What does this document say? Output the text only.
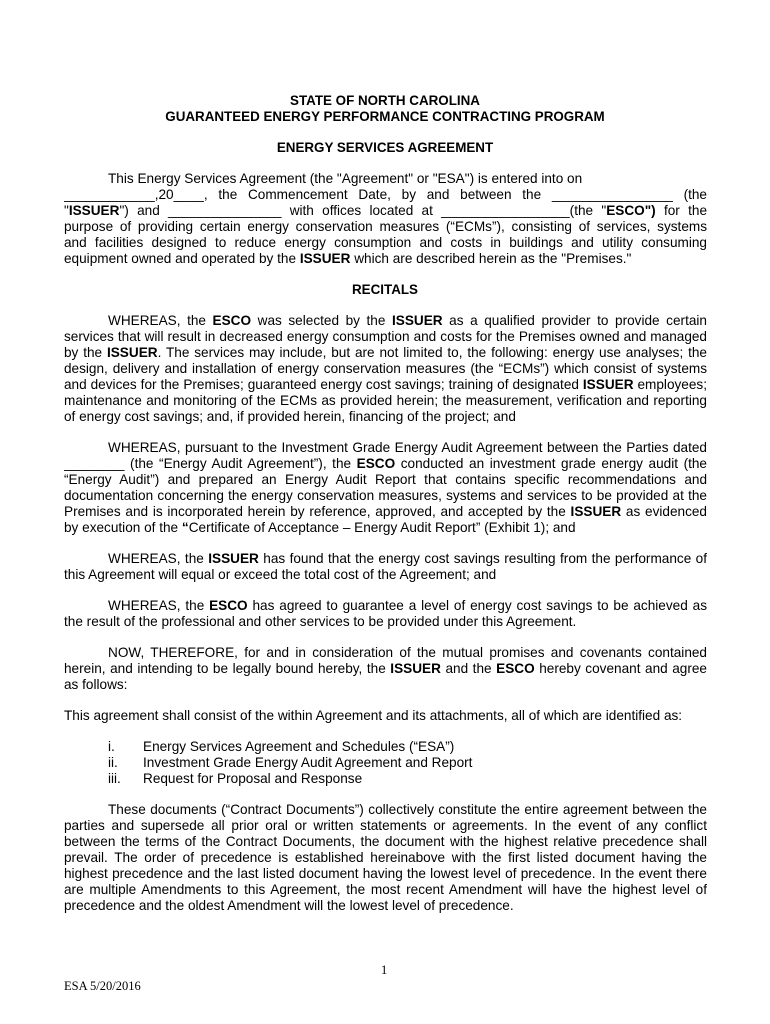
STATE OF NORTH CAROLINA
GUARANTEED ENERGY PERFORMANCE CONTRACTING PROGRAM
ENERGY SERVICES AGREEMENT
This Energy Services Agreement (the "Agreement" or "ESA") is entered into on
____________,20____, the Commencement Date, by and between the ________________ (the
"ISSUER") and _______________ with offices located at _________________(the "ESCO") for the
purpose of providing certain energy conservation measures (“ECMs”), consisting of services, systems
and facilities designed to reduce energy consumption and costs in buildings and utility consuming
equipment owned and operated by the ISSUER which are described herein as the "Premises."
RECITALS
WHEREAS, the ESCO was selected by the ISSUER as a qualified provider to provide certain
services that will result in decreased energy consumption and costs for the Premises owned and managed
by the ISSUER. The services may include, but are not limited to, the following: energy use analyses; the
design, delivery and installation of energy conservation measures (the “ECMs”) which consist of systems
and devices for the Premises; guaranteed energy cost savings; training of designated ISSUER employees;
maintenance and monitoring of the ECMs as provided herein; the measurement, verification and reporting
of energy cost savings; and, if provided herein, financing of the project; and
WHEREAS, pursuant to the Investment Grade Energy Audit Agreement between the Parties dated
________ (the “Energy Audit Agreement”), the ESCO conducted an investment grade energy audit (the
“Energy Audit”) and prepared an Energy Audit Report that contains specific recommendations and
documentation concerning the energy conservation measures, systems and services to be provided at the
Premises and is incorporated herein by reference, approved, and accepted by the ISSUER as evidenced
by execution of the “Certificate of Acceptance – Energy Audit Report” (Exhibit 1); and
WHEREAS, the ISSUER has found that the energy cost savings resulting from the performance of
this Agreement will equal or exceed the total cost of the Agreement; and
WHEREAS, the ESCO has agreed to guarantee a level of energy cost savings to be achieved as
the result of the professional and other services to be provided under this Agreement.
NOW, THEREFORE, for and in consideration of the mutual promises and covenants contained
herein, and intending to be legally bound hereby, the ISSUER and the ESCO hereby covenant and agree
as follows:
This agreement shall consist of the within Agreement and its attachments, all of which are identified as:
i. Energy Services Agreement and Schedules (“ESA”)
ii. Investment Grade Energy Audit Agreement and Report
iii. Request for Proposal and Response
These documents (“Contract Documents”) collectively constitute the entire agreement between the
parties and supersede all prior oral or written statements or agreements. In the event of any conflict
between the terms of the Contract Documents, the document with the highest relative precedence shall
prevail. The order of precedence is established hereinabove with the first listed document having the
highest precedence and the last listed document having the lowest level of precedence. In the event there
are multiple Amendments to this Agreement, the most recent Amendment will have the highest level of
precedence and the oldest Amendment will the lowest level of precedence.
1
ESA 5/20/2016
